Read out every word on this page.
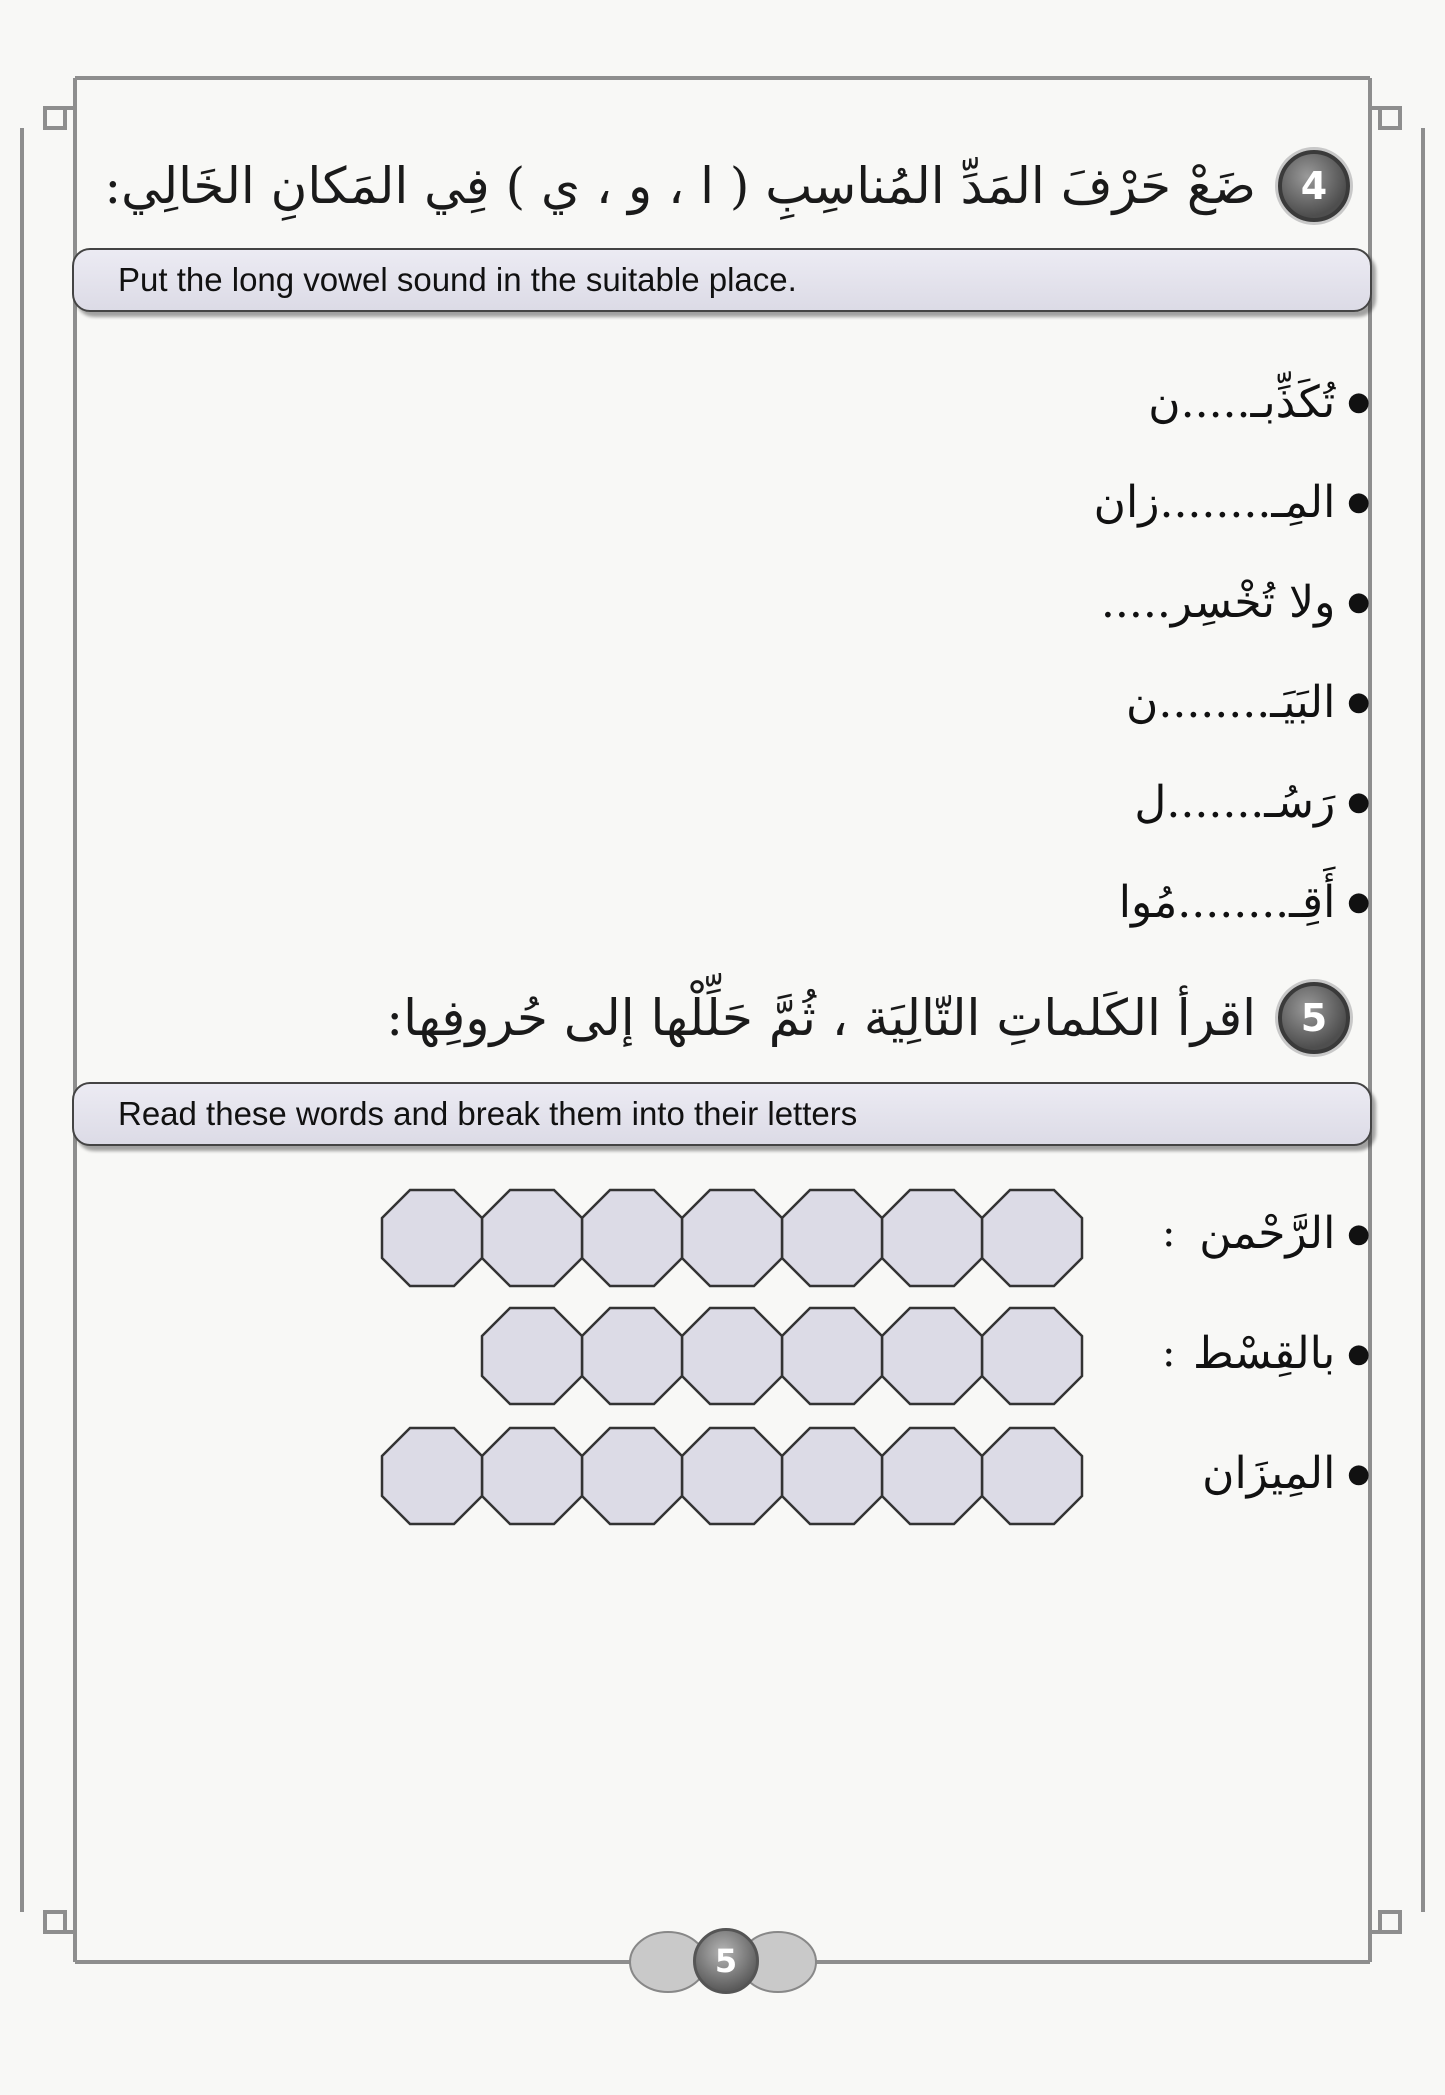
4
ضَعْ حَرْفَ المَدِّ المُناسِبِ ( ا ، و ، ي ) فِي المَكانِ الخَالِي:
Put the long vowel sound in the suitable place.
●
تُكَذِّبـ.....ن
●
المِـ........زان
●
ولا تُخْسِر.....
●
البَيَـ........ن
●
رَسُـ.......ل
●
أَقِـ........مُوا
5
اقرأ الكَلماتِ التّالِيَة ، ثُمَّ حَلِّلْها إلى حُروفِها:
Read these words and break them into their letters
●
الرَّحْمن
:
●
بالقِسْط
:
●
المِيزَان
5
